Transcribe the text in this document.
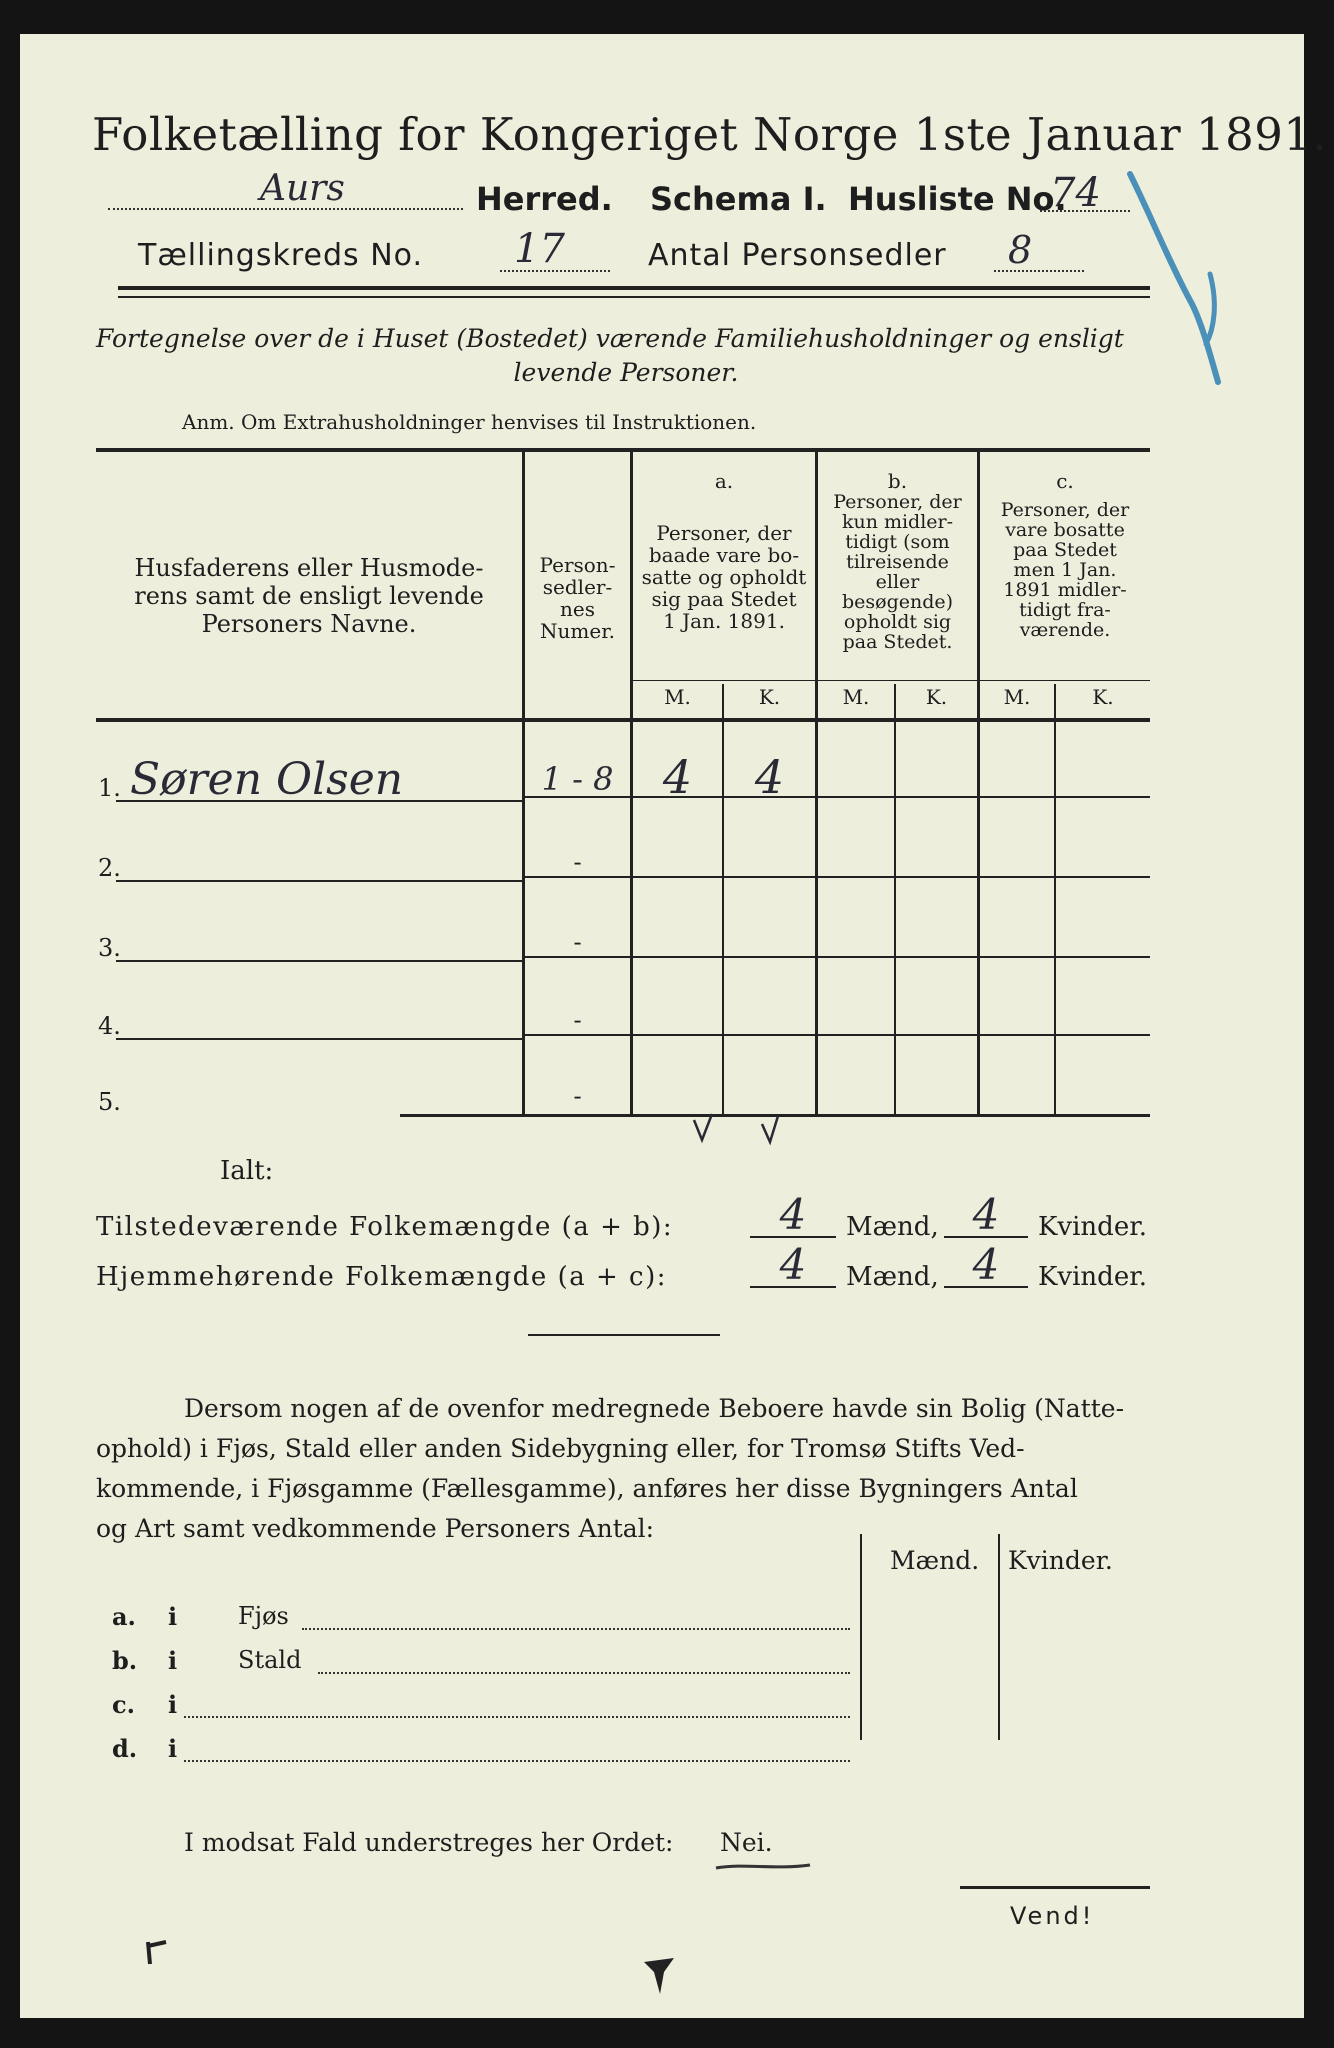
Folketælling for Kongeriget Norge 1ste Januar 1891.
Aurs	Herred. Schema I. Husliste No.
74
Tællingskreds No. 17	Antal Personsedler 8
Fortegnelse over de i Huset (Bostedet) værende Familiehusholdninger og ensligt
levende Personer.
Anm. Om Extrahusholdninger henvises til Instruktionen.
Husfaderens eller Husmode-
rens samt de ensligt levende
Personers Navne.
Person-
sedler-
nes
Numer.
a.
Personer, der
baade vare bo-
satte og opholdt
sig paa Stedet
1 Jan. 1891.
b.
Personer, der
kun midler-
tidigt (som
tilreisende
eller
besøgende)
opholdt sig
paa Stedet.
c.
Personer, der
vare bosatte
paa Stedet
men 1 Jan.
1891 midler-
tidigt fra-
værende.
M.	K.	M.	K.	M.	K.
1. Søren Olsen	1 - 8	4	4
2.	-
3.	-
4.	-
5.	-
Ialt:
Tilstedeværende Folkemængde (a + b):	4	Mænd, 4	Kvinder.
Hjemmehørende Folkemængde (a + c):	4	Mænd, 4	Kvinder.
Dersom nogen af de ovenfor medregnede Beboere havde sin Bolig (Natte-
ophold) i Fjøs, Stald eller anden Sidebygning eller, for Tromsø Stifts Ved-
kommende, i Fjøsgamme (Fællesgamme), anføres her disse Bygningers Antal
og Art samt vedkommende Personers Antal:
Mænd. Kvinder.
a. i	Fjøs
b. i	Stald
c. i
d. i
I modsat Fald understreges her Ordet: Nei.
Vend!
